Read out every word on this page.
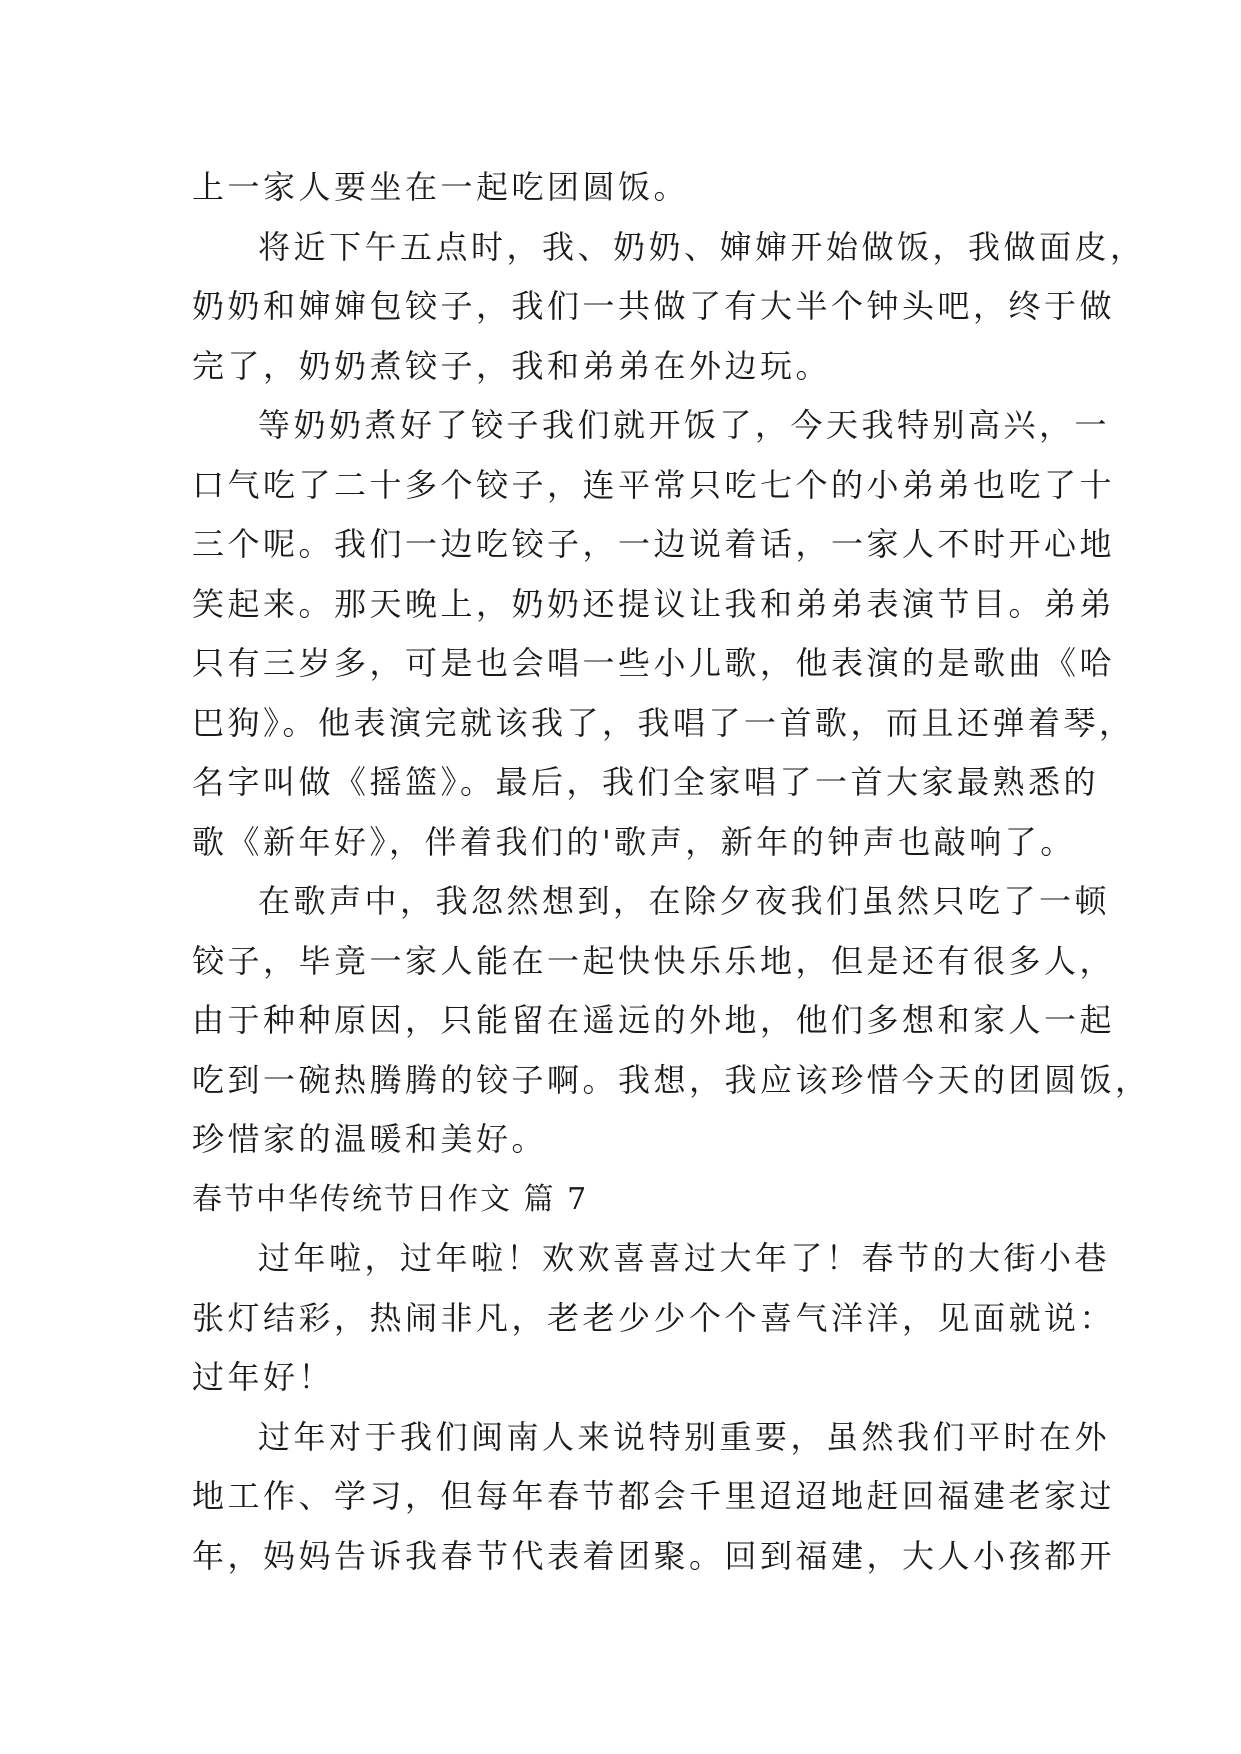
上一家人要坐在一起吃团圆饭。
将近下午五点时，我、奶奶、婶婶开始做饭，我做面皮，
奶奶和婶婶包铰子，我们一共做了有大半个钟头吧，终于做
完了，奶奶煮铰子，我和弟弟在外边玩。
等奶奶煮好了铰子我们就开饭了，今天我特别高兴，一
口气吃了二十多个铰子，连平常只吃七个的小弟弟也吃了十
三个呢。我们一边吃铰子，一边说着话，一家人不时开心地
笑起来。那天晚上，奶奶还提议让我和弟弟表演节目。弟弟
只有三岁多，可是也会唱一些小儿歌，他表演的是歌曲《哈
巴狗》。他表演完就该我了，我唱了一首歌，而且还弹着琴，
名字叫做《摇篮》。最后，我们全家唱了一首大家最熟悉的
歌《新年好》，伴着我们的'歌声，新年的钟声也敲响了。
在歌声中，我忽然想到，在除夕夜我们虽然只吃了一顿
铰子，毕竟一家人能在一起快快乐乐地，但是还有很多人，
由于种种原因，只能留在遥远的外地，他们多想和家人一起
吃到一碗热腾腾的铰子啊。我想，我应该珍惜今天的团圆饭，
珍惜家的温暖和美好。
春节中华传统节日作文 篇 7
过年啦，过年啦！欢欢喜喜过大年了！春节的大街小巷
张灯结彩，热闹非凡，老老少少个个喜气洋洋，见面就说：
过年好！
过年对于我们闽南人来说特别重要，虽然我们平时在外
地工作、学习，但每年春节都会千里迢迢地赶回福建老家过
年，妈妈告诉我春节代表着团聚。回到福建，大人小孩都开
